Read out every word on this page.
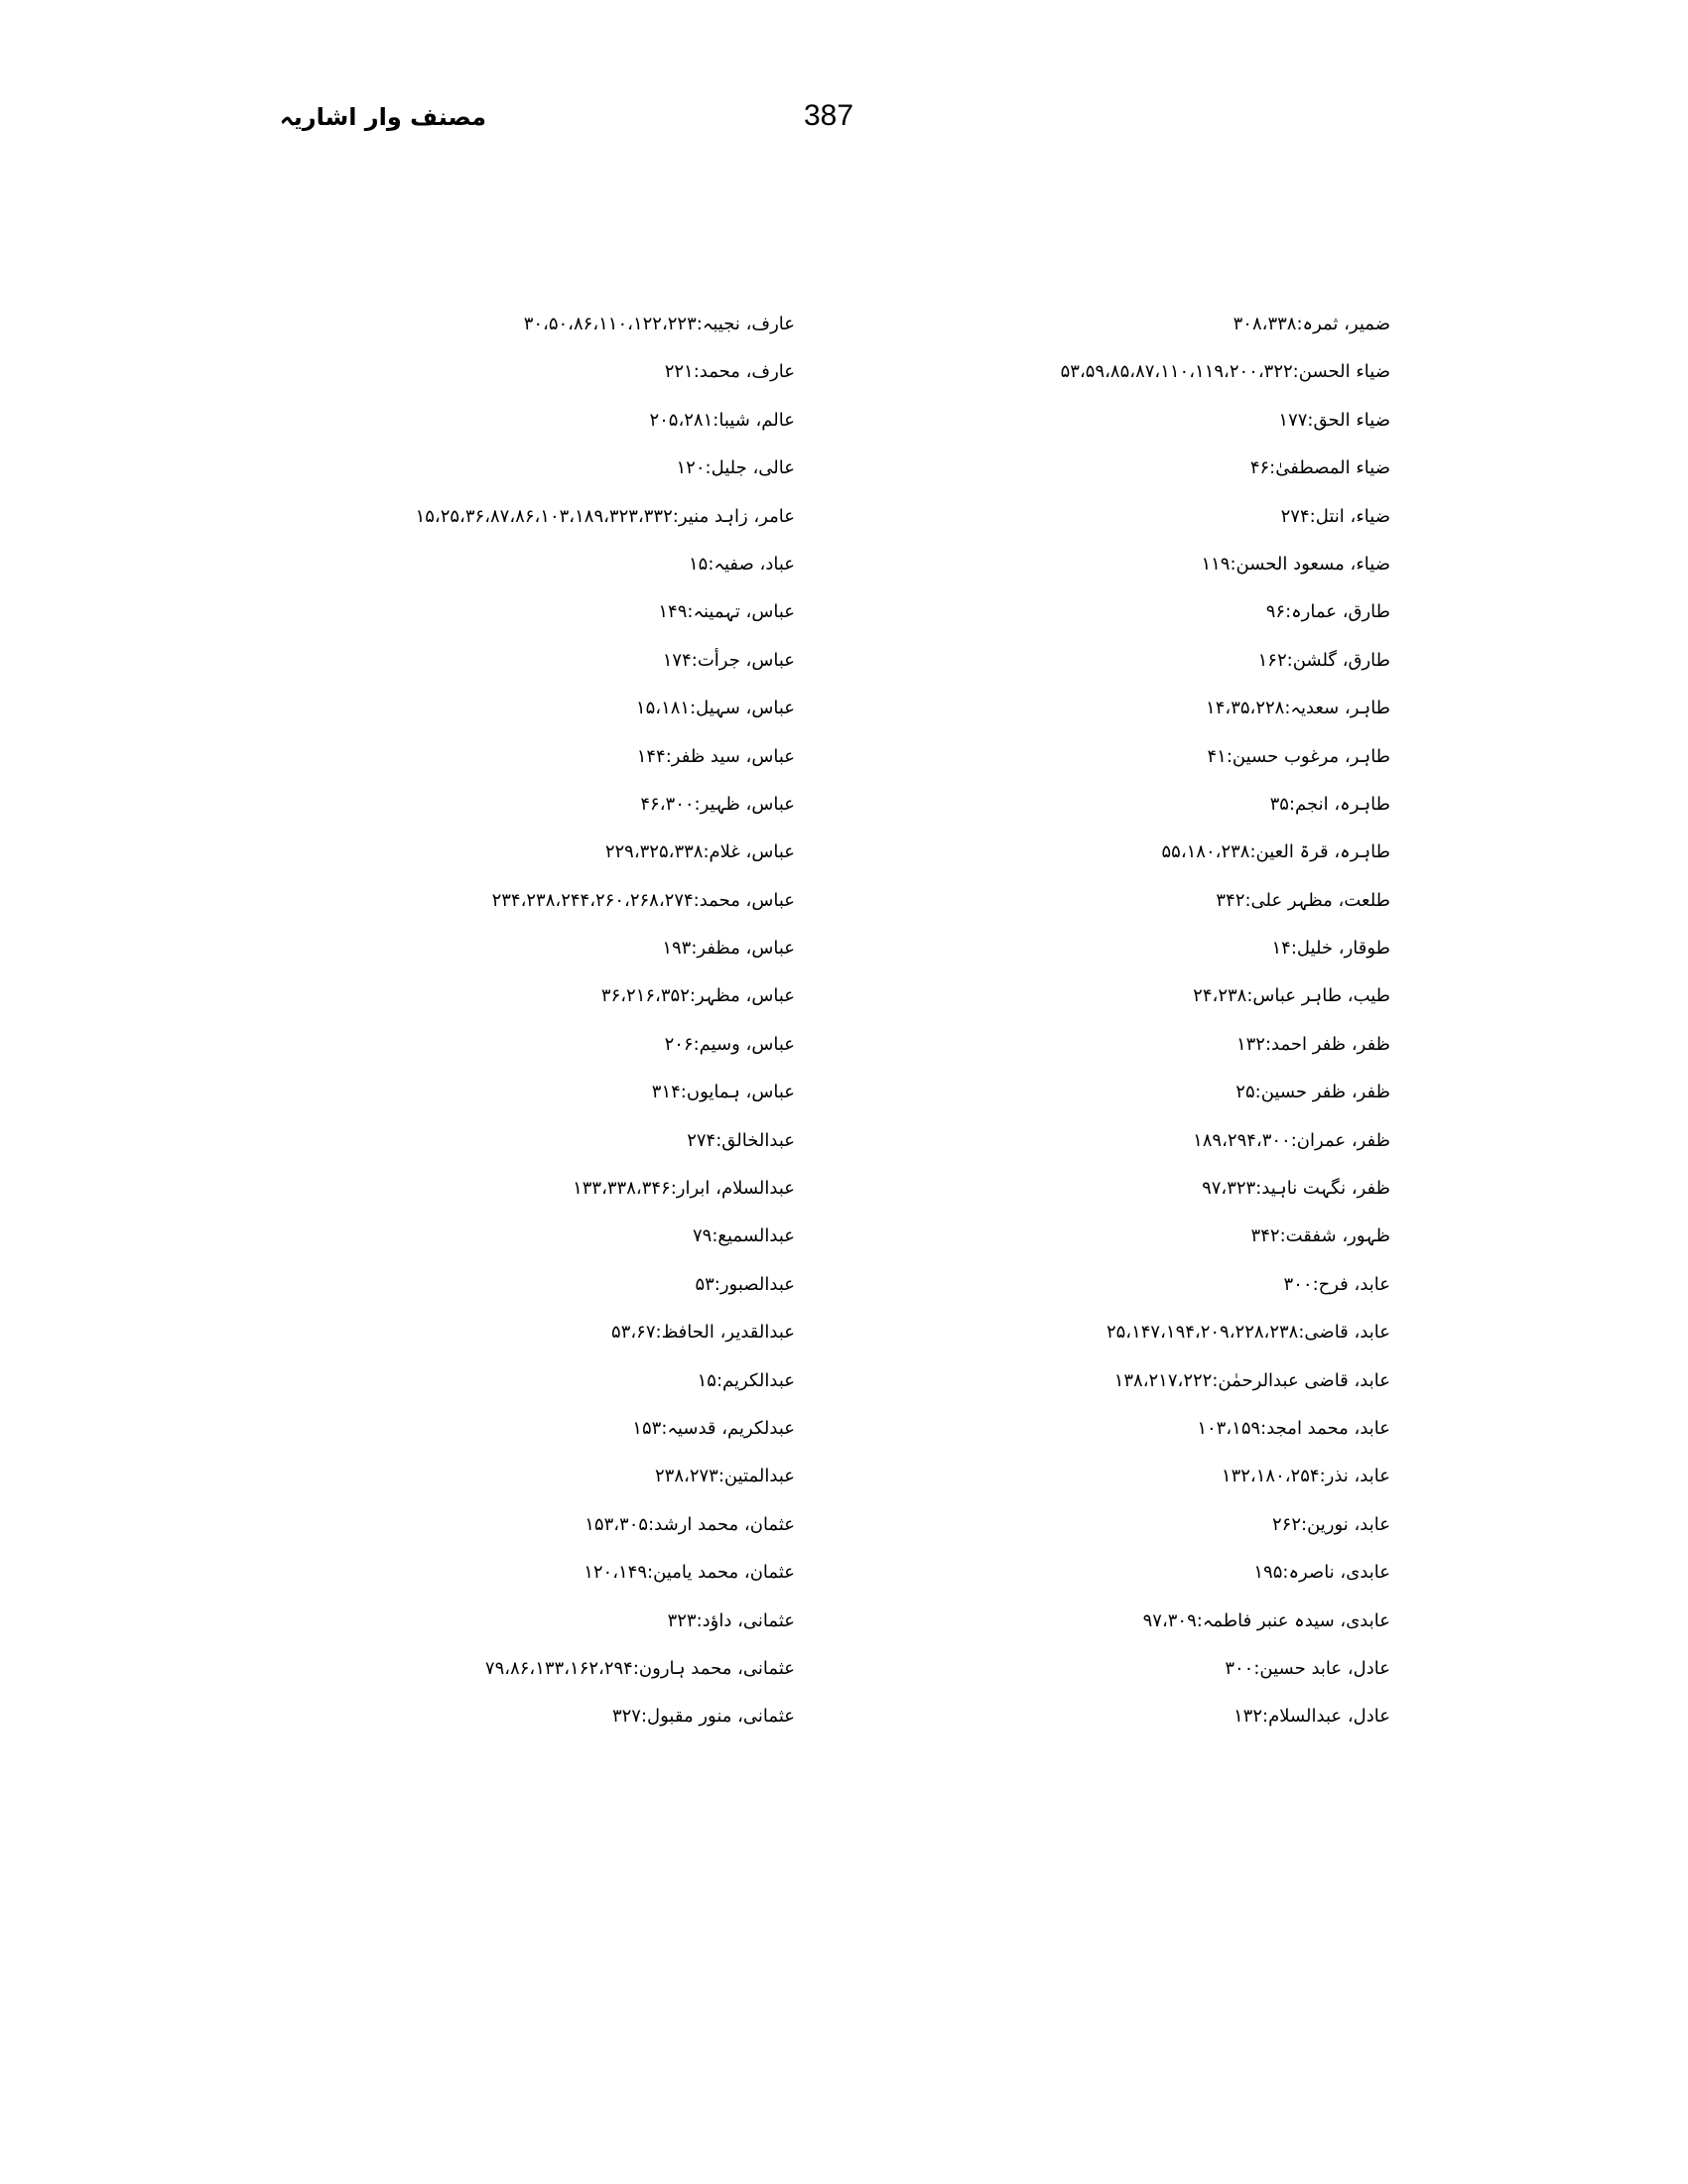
مصنف وار اشاریہ	387
ضمیر، ثمرہ:۳۰۸،۳۳۸
ضیاء الحسن:۵۳،۵۹،۸۵،۸۷،۱۱۰،۱۱۹،۲۰۰،۳۲۲
ضیاء الحق:۱۷۷
ضیاء المصطفیٰ:۴۶
ضیاء، انتل:۲۷۴
ضیاء، مسعود الحسن:۱۱۹
طارق، عمارہ:۹۶
طارق، گلشن:۱۶۲
طاہر، سعدیہ:۱۴،۳۵،۲۲۸
طاہر، مرغوب حسین:۴۱
طاہرہ، انجم:۳۵
طاہرہ، قرۃ العین:۵۵،۱۸۰،۲۳۸
طلعت، مظہر علی:۳۴۲
طوقار، خلیل:۱۴
طیب، طاہر عباس:۲۴،۲۳۸
ظفر، ظفر احمد:۱۳۲
ظفر، ظفر حسین:۲۵
ظفر، عمران:۱۸۹،۲۹۴،۳۰۰
ظفر، نگہت ناہید:۹۷،۳۲۳
ظہور، شفقت:۳۴۲
عابد، فرح:۳۰۰
عابد، قاضی:۲۵،۱۴۷،۱۹۴،۲۰۹،۲۲۸،۲۳۸
عابد، قاضی عبدالرحمٰن:۱۳۸،۲۱۷،۲۲۲
عابد، محمد امجد:۱۰۳،۱۵۹
عابد، نذر:۱۳۲،۱۸۰،۲۵۴
عابد، نورین:۲۶۲
عابدی، ناصرہ:۱۹۵
عابدی، سیدہ عنبر فاطمہ:۹۷،۳۰۹
عادل، عابد حسین:۳۰۰
عادل، عبدالسلام:۱۳۲
عارف، نجیبہ:۳۰،۵۰،۸۶،۱۱۰،۱۲۲،۲۲۳
عارف، محمد:۲۲۱
عالم، شیبا:۲۰۵،۲۸۱
عالی، جلیل:۱۲۰
عامر، زاہد منیر:۱۵،۲۵،۳۶،۸۷،۸۶،۱۰۳،۱۸۹،۳۲۳،۳۳۲
عباد، صفیہ:۱۵
عباس، تہمینہ:۱۴۹
عباس، جرأت:۱۷۴
عباس، سہیل:۱۵،۱۸۱
عباس، سید ظفر:۱۴۴
عباس، ظہیر:۴۶،۳۰۰
عباس، غلام:۲۲۹،۳۲۵،۳۳۸
عباس، محمد:۲۳۴،۲۳۸،۲۴۴،۲۶۰،۲۶۸،۲۷۴
عباس، مظفر:۱۹۳
عباس، مظہر:۳۶،۲۱۶،۳۵۲
عباس، وسیم:۲۰۶
عباس، ہمایوں:۳۱۴
عبدالخالق:۲۷۴
عبدالسلام، ابرار:۱۳۳،۳۳۸،۳۴۶
عبدالسمیع:۷۹
عبدالصبور:۵۳
عبدالقدیر، الحافظ:۵۳،۶۷
عبدالکریم:۱۵
عبدلکریم، قدسیہ:۱۵۳
عبدالمتین:۲۳۸،۲۷۳
عثمان، محمد ارشد:۱۵۳،۳۰۵
عثمان، محمد یامین:۱۲۰،۱۴۹
عثمانی، داؤد:۳۲۳
عثمانی، محمد ہارون:۷۹،۸۶،۱۳۳،۱۶۲،۲۹۴
عثمانی، منور مقبول:۳۲۷
